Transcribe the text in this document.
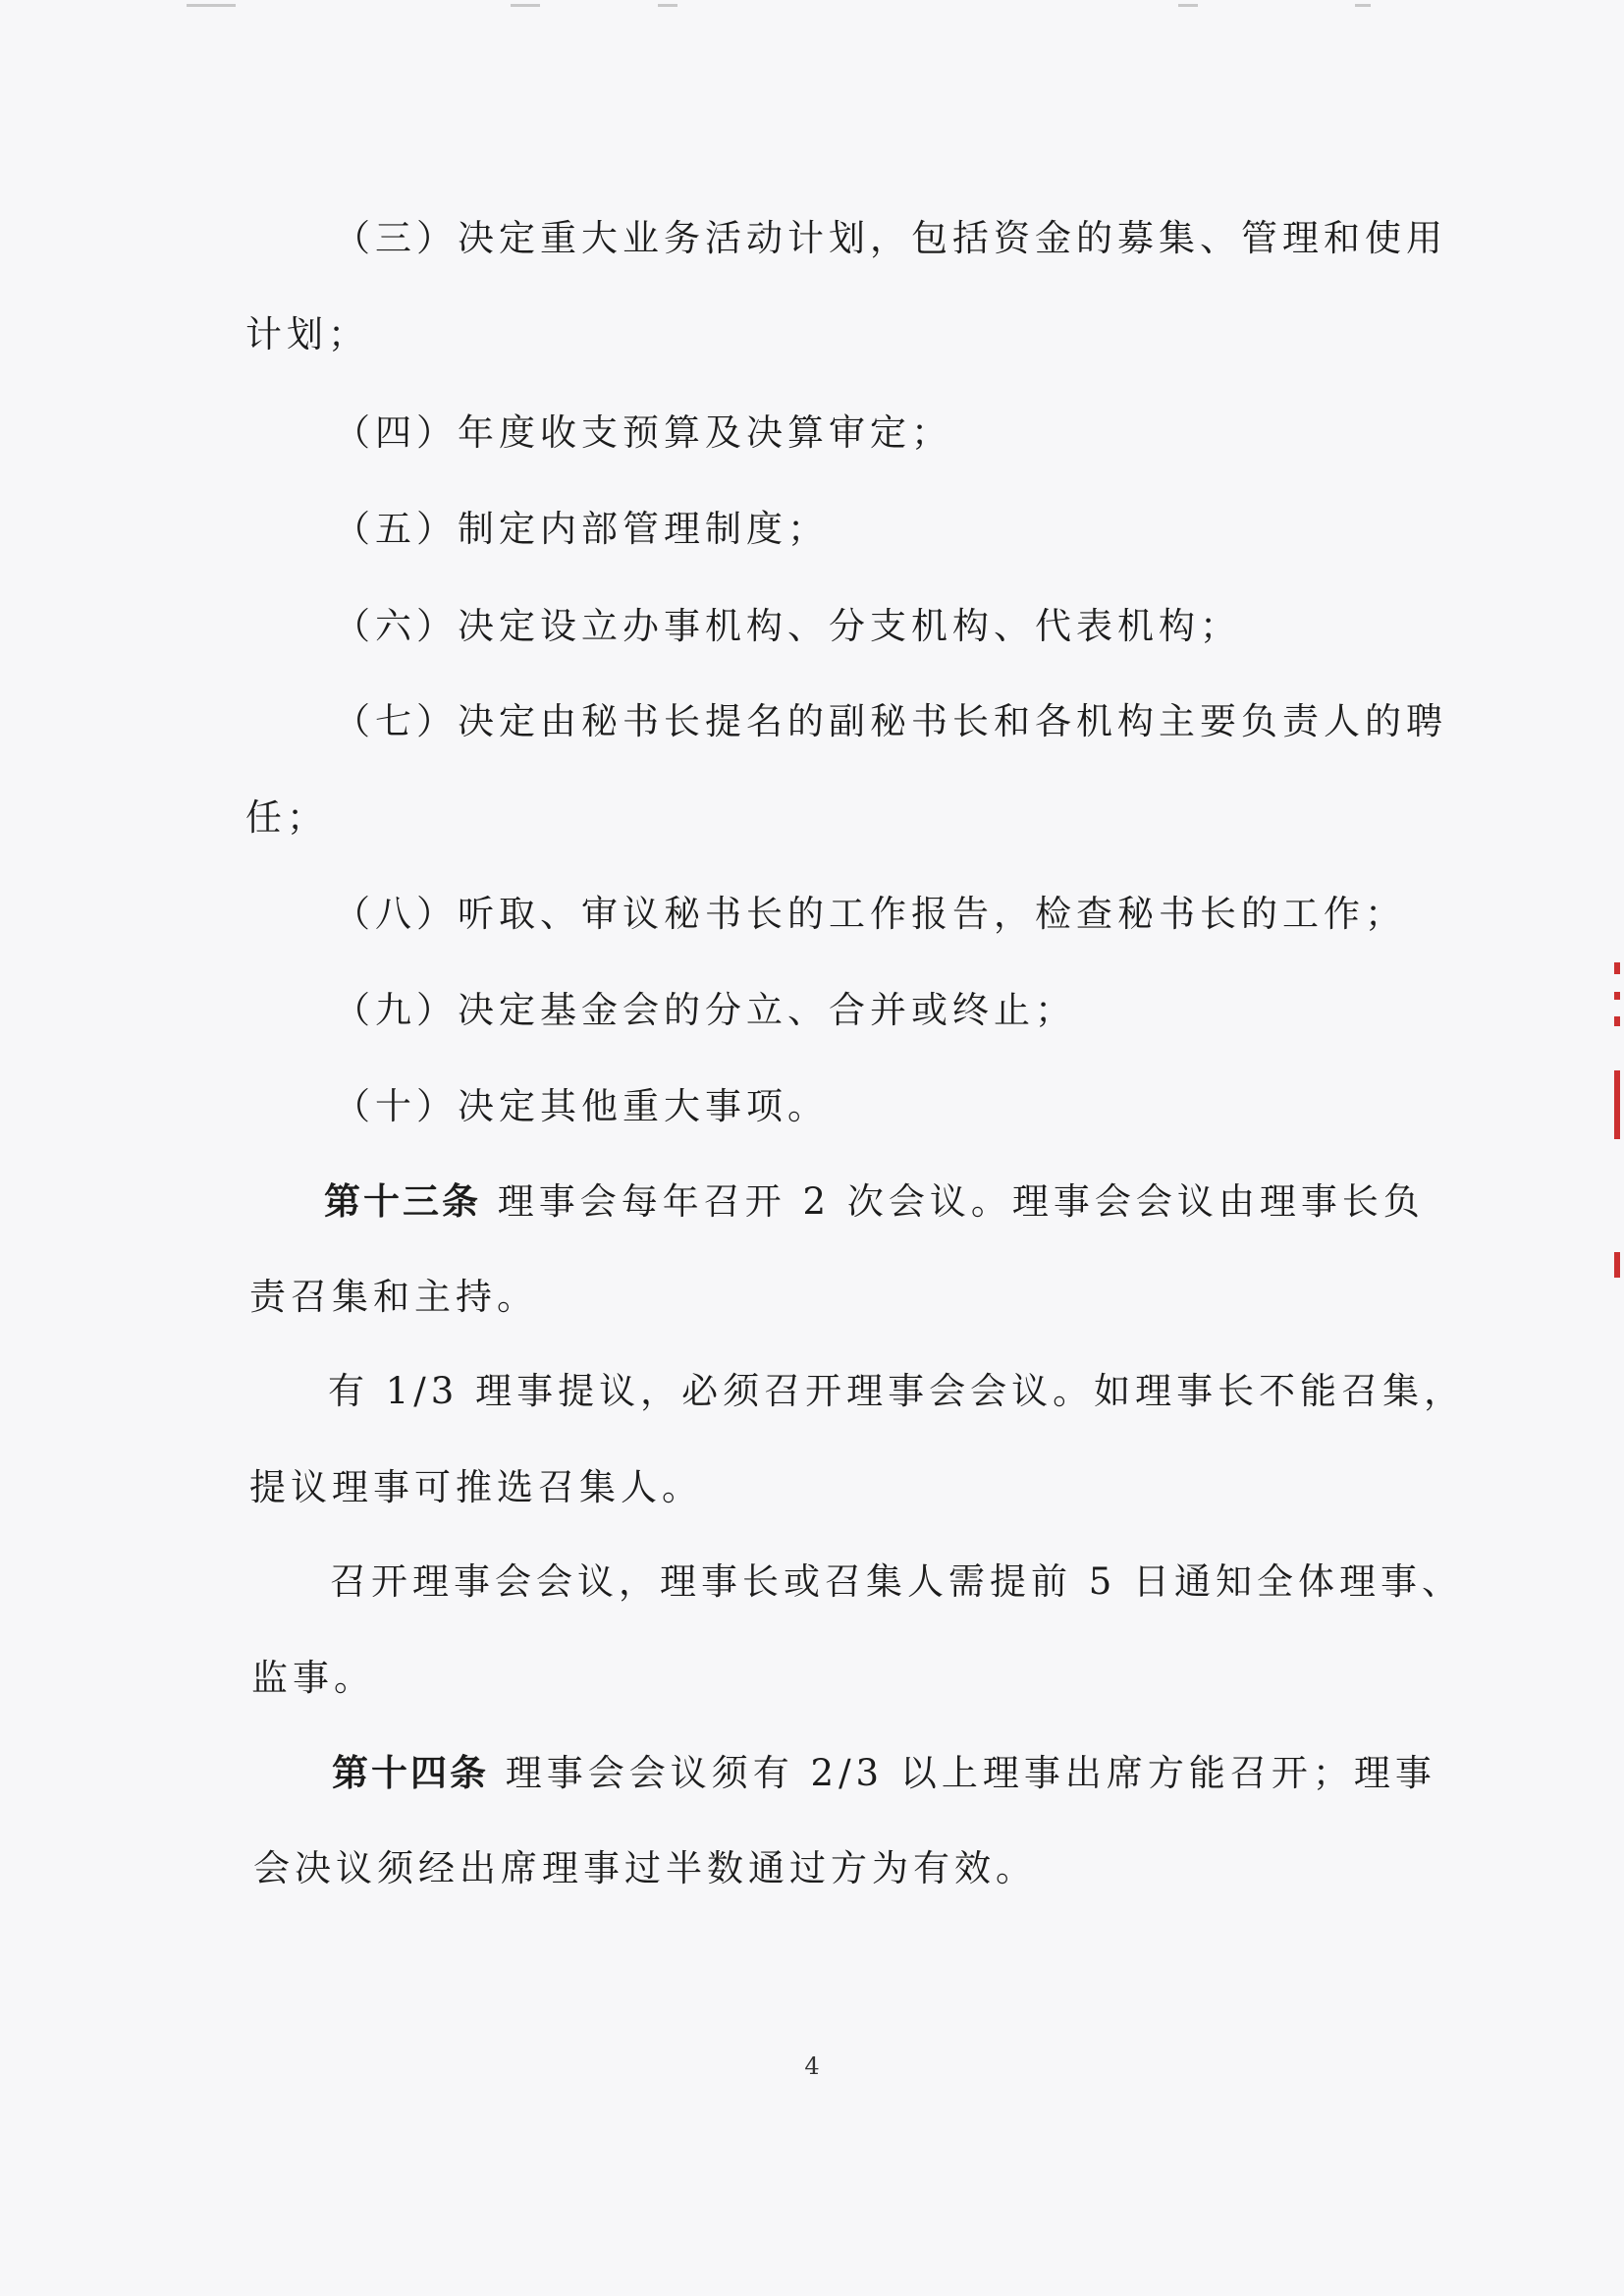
（三）决定重大业务活动计划，包括资金的募集、管理和使用
计划；
（四）年度收支预算及决算审定；
（五）制定内部管理制度；
（六）决定设立办事机构、分支机构、代表机构；
（七）决定由秘书长提名的副秘书长和各机构主要负责人的聘
任；
（八）听取、审议秘书长的工作报告，检查秘书长的工作；
（九）决定基金会的分立、合并或终止；
（十）决定其他重大事项。
第十三条 理事会每年召开 2 次会议。理事会会议由理事长负
责召集和主持。
有 1/3 理事提议，必须召开理事会会议。如理事长不能召集，
提议理事可推选召集人。
召开理事会会议，理事长或召集人需提前 5 日通知全体理事、
监事。
第十四条 理事会会议须有 2/3 以上理事出席方能召开；理事
会决议须经出席理事过半数通过方为有效。
4
